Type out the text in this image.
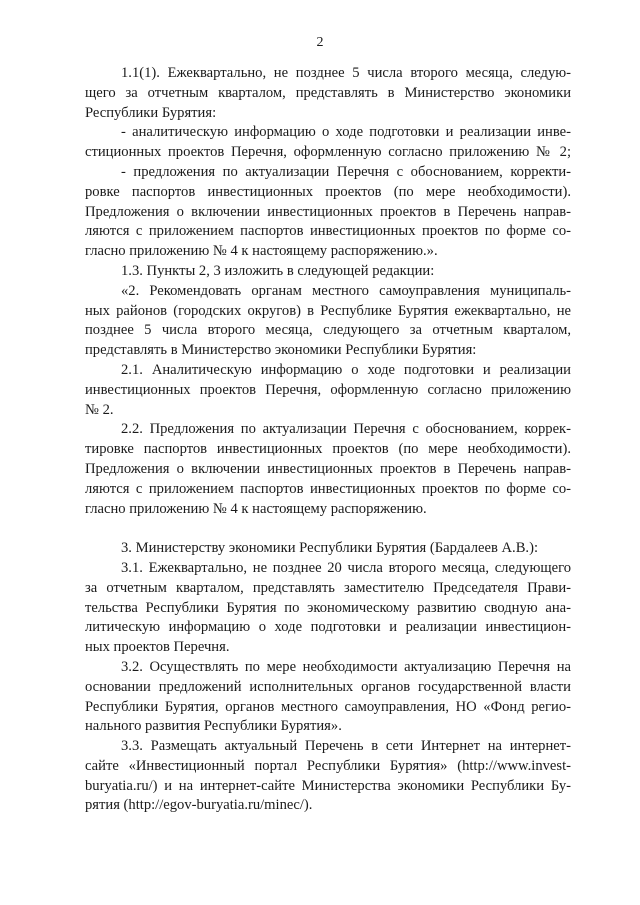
2
1.1(1). Ежеквартально, не позднее 5 числа второго месяца, следую-
щего за отчетным кварталом, представлять в Министерство экономики
Республики Бурятия:
- аналитическую информацию о ходе подготовки и реализации инве-
стиционных проектов Перечня, оформленную согласно приложению № 2;
- предложения по актуализации Перечня с обоснованием, корректи-
ровке паспортов инвестиционных проектов (по мере необходимости).
Предложения о включении инвестиционных проектов в Перечень направ-
ляются с приложением паспортов инвестиционных проектов по форме со-
гласно приложению № 4 к настоящему распоряжению.».
1.3. Пункты 2, 3 изложить в следующей редакции:
«2. Рекомендовать органам местного самоуправления муниципаль-
ных районов (городских округов) в Республике Бурятия ежеквартально, не
позднее 5 числа второго месяца, следующего за отчетным кварталом,
представлять в Министерство экономики Республики Бурятия:
2.1. Аналитическую информацию о ходе подготовки и реализации
инвестиционных проектов Перечня, оформленную согласно приложению
№ 2.
2.2. Предложения по актуализации Перечня с обоснованием, коррек-
тировке паспортов инвестиционных проектов (по мере необходимости).
Предложения о включении инвестиционных проектов в Перечень направ-
ляются с приложением паспортов инвестиционных проектов по форме со-
гласно приложению № 4 к настоящему распоряжению.
3. Министерству экономики Республики Бурятия (Бардалеев А.В.):
3.1. Ежеквартально, не позднее 20 числа второго месяца, следующего
за отчетным кварталом, представлять заместителю Председателя Прави-
тельства Республики Бурятия по экономическому развитию сводную ана-
литическую информацию о ходе подготовки и реализации инвестицион-
ных проектов Перечня.
3.2. Осуществлять по мере необходимости актуализацию Перечня на
основании предложений исполнительных органов государственной власти
Республики Бурятия, органов местного самоуправления, НО «Фонд регио-
нального развития Республики Бурятия».
3.3. Размещать актуальный Перечень в сети Интернет на интернет-
сайте «Инвестиционный портал Республики Бурятия» (http://www.invest-
buryatia.ru/) и на интернет-сайте Министерства экономики Республики Бу-
рятия (http://egov-buryatia.ru/minec/).
